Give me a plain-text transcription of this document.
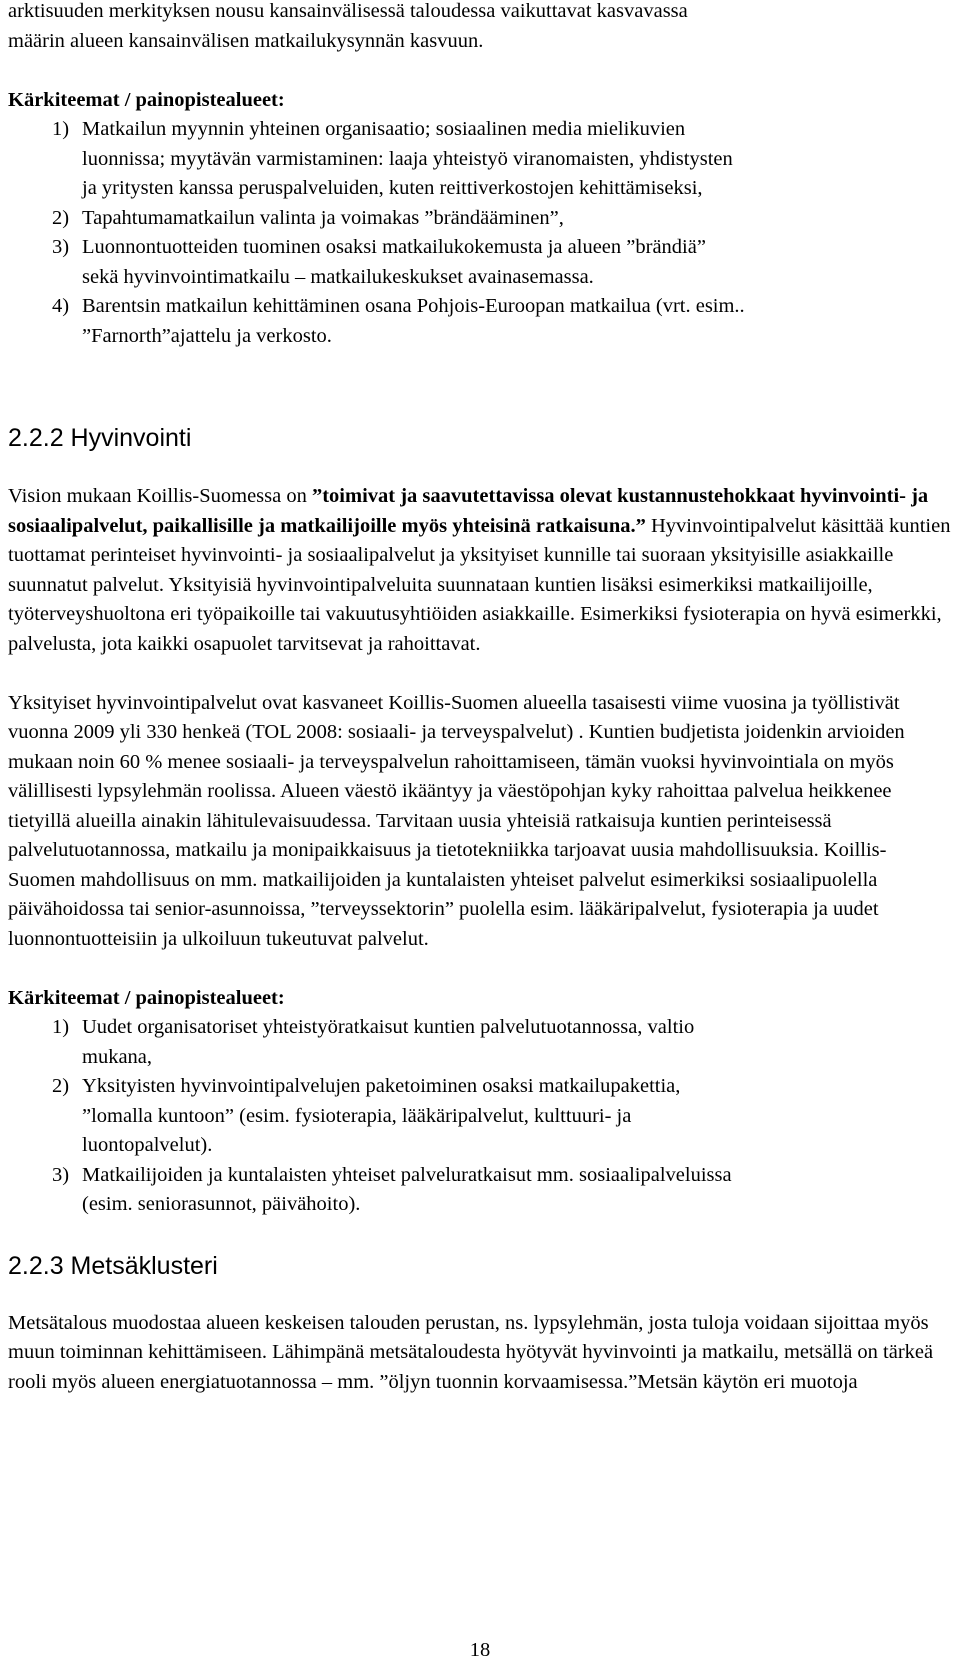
arktisuuden merkityksen nousu kansainvälisessä taloudessa vaikuttavat kasvavassa

määrin alueen kansainvälisen matkailukysynnän kasvuun.

Kärkiteemat / painopistealueet:

1) Matkailun myynnin yhteinen organisaatio; sosiaalinen media mielikuvien
luonnissa; myytävän varmistaminen: laaja yhteistyö viranomaisten, yhdistysten
ja yritysten kanssa peruspalveluiden, kuten reittiverkostojen kehittämiseksi,
2) Tapahtumamatkailun valinta ja voimakas ”brändääminen”,
3) Luonnontuotteiden tuominen osaksi matkailukokemusta ja alueen ”brändiä”
sekä hyvinvointimatkailu – matkailukeskukset avainasemassa.
4) Barentsin matkailun kehittäminen osana Pohjois-Euroopan matkailua (vrt. esim..
”Farnorth”ajattelu ja verkosto.
2.2.2 Hyvinvointi

Vision mukaan Koillis-Suomessa on ”toimivat ja saavutettavissa olevat kustannustehokkaat hyvinvointi- ja sosiaalipalvelut, paikallisille ja matkailijoille myös yhteisinä ratkaisuna.” Hyvinvointipalvelut käsittää kuntien tuottamat perinteiset hyvinvointi- ja sosiaalipalvelut ja yksityiset kunnille tai suoraan yksityisille asiakkaille suunnatut palvelut. Yksityisiä hyvinvointipalveluita suunnataan kuntien lisäksi esimerkiksi matkailijoille, työterveyshuoltona eri työpaikoille tai vakuutusyhtiöiden asiakkaille. Esimerkiksi fysioterapia on hyvä esimerkki, palvelusta, jota kaikki osapuolet tarvitsevat ja rahoittavat.

Yksityiset hyvinvointipalvelut ovat kasvaneet Koillis-Suomen alueella tasaisesti viime vuosina ja työllistivät vuonna 2009 yli 330 henkeä (TOL 2008: sosiaali- ja terveyspalvelut) . Kuntien budjetista joidenkin arvioiden mukaan noin 60 % menee sosiaali- ja terveyspalvelun rahoittamiseen, tämän vuoksi hyvinvointiala on myös välillisesti lypsylehmän roolissa. Alueen väestö ikääntyy ja väestöpohjan kyky rahoittaa palvelua heikkenee tietyillä alueilla ainakin lähitulevaisuudessa. Tarvitaan uusia yhteisiä ratkaisuja kuntien perinteisessä palvelutuotannossa, matkailu ja monipaikkaisuus ja tietotekniikka tarjoavat uusia mahdollisuuksia. Koillis-Suomen mahdollisuus on mm. matkailijoiden ja kuntalaisten yhteiset palvelut esimerkiksi sosiaalipuolella päivähoidossa tai senior-asunnoissa, ”terveyssektorin” puolella esim. lääkäripalvelut, fysioterapia ja uudet luonnontuotteisiin ja ulkoiluun tukeutuvat palvelut.

Kärkiteemat / painopistealueet:

1) Uudet organisatoriset yhteistyöratkaisut kuntien palvelutuotannossa, valtio
mukana,
2) Yksityisten hyvinvointipalvelujen paketoiminen osaksi matkailupakettia,
”lomalla kuntoon” (esim. fysioterapia, lääkäripalvelut, kulttuuri- ja
luontopalvelut).
3) Matkailijoiden ja kuntalaisten yhteiset palveluratkaisut mm. sosiaalipalveluissa
(esim. seniorasunnot, päivähoito).
2.2.3 Metsäklusteri

Metsätalous muodostaa alueen keskeisen talouden perustan, ns. lypsylehmän, josta tuloja voidaan sijoittaa myös muun toiminnan kehittämiseen. Lähimpänä metsätaloudesta hyötyvät hyvinvointi ja matkailu, metsällä on tärkeä rooli myös alueen energiatuotannossa – mm. ”öljyn tuonnin korvaamisessa.”Metsän käytön eri muotoja

18
